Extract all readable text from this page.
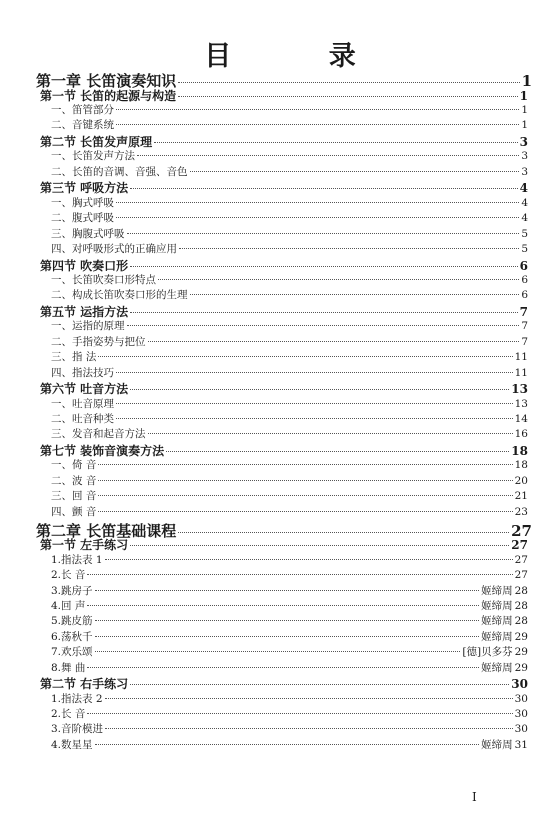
目 录
第一章 长笛演奏知识	1
第一节 长笛的起源与构造	1
一、笛管部分	1
二、音键系统	1
第二节 长笛发声原理	3
一、长笛发声方法	3
二、长笛的音调、音强、音色	3
第三节 呼吸方法	4
一、胸式呼吸	4
二、腹式呼吸	4
三、胸腹式呼吸	5
四、对呼吸形式的正确应用	5
第四节 吹奏口形	6
一、长笛吹奏口形特点	6
二、构成长笛吹奏口形的生理	6
第五节 运指方法	7
一、运指的原理	7
二、手指姿势与把位	7
三、指 法	11
四、指法技巧	11
第六节 吐音方法	13
一、吐音原理	13
二、吐音种类	14
三、发音和起音方法	16
第七节 装饰音演奏方法	18
一、倚 音	18
二、波 音	20
三、回 音	21
四、颤 音	23
第二章 长笛基础课程	27
第一节 左手练习	27
1.指法表 1	27
2.长 音	27
3.跳房子	姬缔周 28
4.回 声	姬缔周 28
5.跳皮筋	姬缔周 28
6.荡秋千	姬缔周 29
7.欢乐颂	[德]贝多芬 29
8.舞 曲	姬缔周 29
第二节 右手练习	30
1.指法表 2	30
2.长 音	30
3.音阶模进	30
4.数星星	姬缔周 31
I
